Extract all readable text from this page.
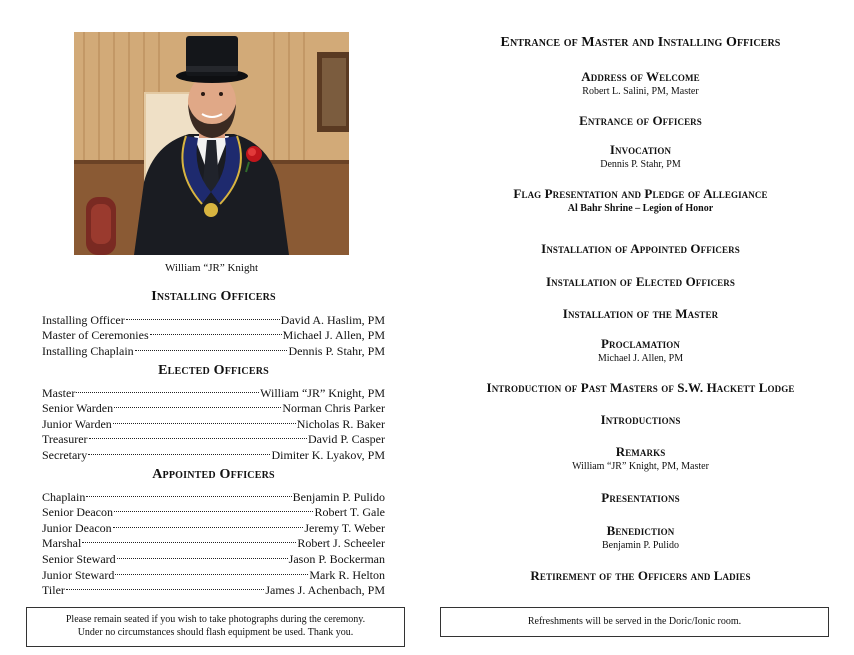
William “JR” Knight
Installing Officers
Installing Officer	David A. Haslim, PM
Master of Ceremonies	Michael J. Allen, PM
Installing Chaplain	Dennis P. Stahr, PM
Elected Officers
Master	William “JR” Knight, PM
Senior Warden	Norman Chris Parker
Junior Warden	Nicholas R. Baker
Treasurer	David P. Casper
Secretary	Dimiter K. Lyakov, PM
Appointed Officers
Chaplain	Benjamin P. Pulido
Senior Deacon	Robert T. Gale
Junior Deacon	Jeremy T. Weber
Marshal	Robert J. Scheeler
Senior Steward	Jason P. Bockerman
Junior Steward	Mark R. Helton
Tiler	James J. Achenbach, PM
Please remain seated if you wish to take photographs during the ceremony.
Under no circumstances should flash equipment be used. Thank you.
Entrance of Master and Installing Officers
Address of Welcome
Robert L. Salini, PM, Master
Entrance of Officers
Invocation
Dennis P. Stahr, PM
Flag Presentation and Pledge of Allegiance
Al Bahr Shrine – Legion of Honor
Installation of Appointed Officers
Installation of Elected Officers
Installation of the Master
Proclamation
Michael J. Allen, PM
Introduction of Past Masters of S.W. Hackett Lodge
Introductions
Remarks
William “JR” Knight, PM, Master
Presentations
Benediction
Benjamin P. Pulido
Retirement of the Officers and Ladies
Refreshments will be served in the Doric/Ionic room.
